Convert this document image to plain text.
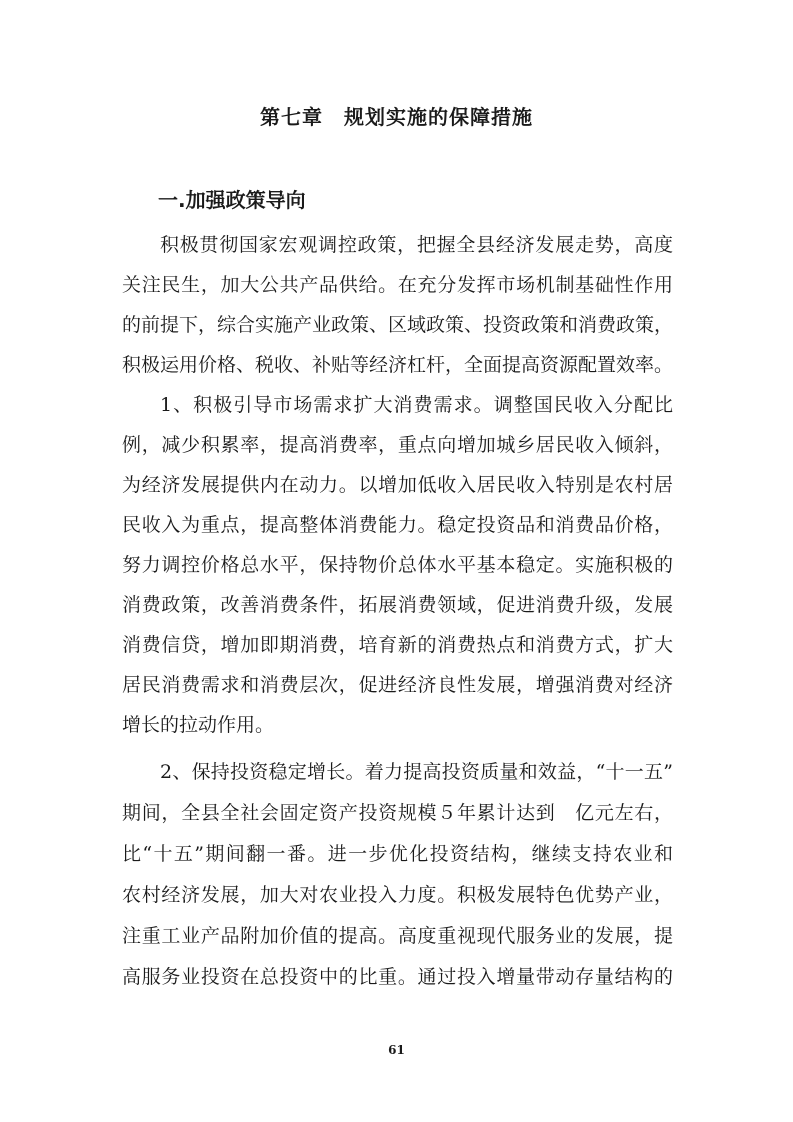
第七章　规划实施的保障措施
一.加强政策导向
积极贯彻国家宏观调控政策，把握全县经济发展走势，高度
关注民生，加大公共产品供给。在充分发挥市场机制基础性作用
的前提下，综合实施产业政策、区域政策、投资政策和消费政策，
积极运用价格、税收、补贴等经济杠杆，全面提高资源配置效率。
1、积极引导市场需求扩大消费需求。调整国民收入分配比
例，减少积累率，提高消费率，重点向增加城乡居民收入倾斜，
为经济发展提供内在动力。以增加低收入居民收入特别是农村居
民收入为重点，提高整体消费能力。稳定投资品和消费品价格，
努力调控价格总水平，保持物价总体水平基本稳定。实施积极的
消费政策，改善消费条件，拓展消费领域，促进消费升级，发展
消费信贷，增加即期消费，培育新的消费热点和消费方式，扩大
居民消费需求和消费层次，促进经济良性发展，增强消费对经济
增长的拉动作用。
2、保持投资稳定增长。着力提高投资质量和效益，“十一五”
期间，全县全社会固定资产投资规模５年累计达到　亿元左右，
比“十五”期间翻一番。进一步优化投资结构，继续支持农业和
农村经济发展，加大对农业投入力度。积极发展特色优势产业，
注重工业产品附加价值的提高。高度重视现代服务业的发展，提
高服务业投资在总投资中的比重。通过投入增量带动存量结构的
61
